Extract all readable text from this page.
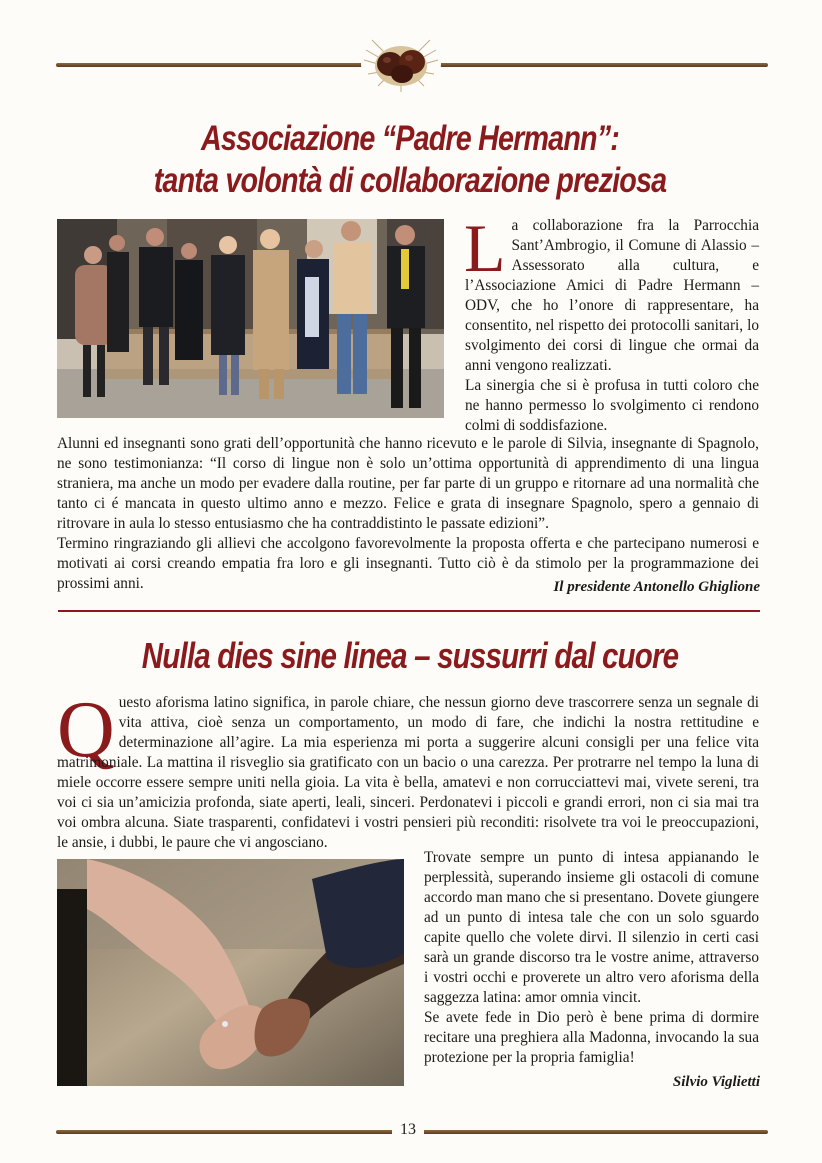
Associazione “Padre Hermann”:
tanta volontà di collaborazione preziosa

La collaborazione fra la Parrocchia Sant’Ambrogio, il Comune di Alassio – Assessorato alla cultura, e l’Associazione Amici di Padre Hermann – ODV, che ho l’onore di rappresentare, ha consentito, nel rispetto dei protocolli sanitari, lo svolgimento dei corsi di lingue che ormai da anni vengono realizzati.

La sinergia che si è profusa in tutti coloro che ne hanno permesso lo svolgimento ci rendono colmi di soddisfazione.

Alunni ed insegnanti sono grati dell’opportunità che hanno ricevuto e le parole di Silvia, insegnante di Spagnolo, ne sono testimonianza: “Il corso di lingue non è solo un’ottima opportunità di apprendimento di una lingua straniera, ma anche un modo per evadere dalla routine, per far parte di un gruppo e ritornare ad una normalità che tanto ci é mancata in questo ultimo anno e mezzo. Felice e grata di insegnare Spagnolo, spero a gennaio di ritrovare in aula lo stesso entusiasmo che ha contraddistinto le passate edizioni”.

Termino ringraziando gli allievi che accolgono favorevolmente la proposta offerta e che partecipano numerosi e motivati ai corsi creando empatia fra loro e gli insegnanti. Tutto ciò è da stimolo per la programmazione dei prossimi anni.	Il presidente Antonello Ghiglione
Nulla dies sine linea – sussurri dal cuore

Questo aforisma latino significa, in parole chiare, che nessun giorno deve trascorrere senza un segnale di vita attiva, cioè senza un comportamento, un modo di fare, che indichi la nostra rettitudine e determinazione all’agire. La mia esperienza mi porta a suggerire alcuni consigli per una felice vita matrimoniale. La mattina il risveglio sia gratificato con un bacio o una carezza. Per protrarre nel tempo la luna di miele occorre essere sempre uniti nella gioia. La vita è bella, amatevi e non corrucciattevi mai, vivete sereni, tra voi ci sia un’amicizia profonda, siate aperti, leali, sinceri. Perdonatevi i piccoli e grandi errori, non ci sia mai tra voi ombra alcuna. Siate trasparenti, confidatevi i vostri pensieri più reconditi: risolvete tra voi le preoccupazioni, le ansie, i dubbi, le paure che vi angosciano.

Trovate sempre un punto di intesa appianando le perplessità, superando insieme gli ostacoli di comune accordo man mano che si presentano. Dovete giungere ad un punto di intesa tale che con un solo sguardo capite quello che volete dirvi. Il silenzio in certi casi sarà un grande discorso tra le vostre anime, attraverso i vostri occhi e proverete un altro vero aforisma della saggezza latina: amor omnia vincit.

Se avete fede in Dio però è bene prima di dormire recitare una preghiera alla Madonna, invocando la sua protezione per la propria famiglia!

Silvio Viglietti
13
